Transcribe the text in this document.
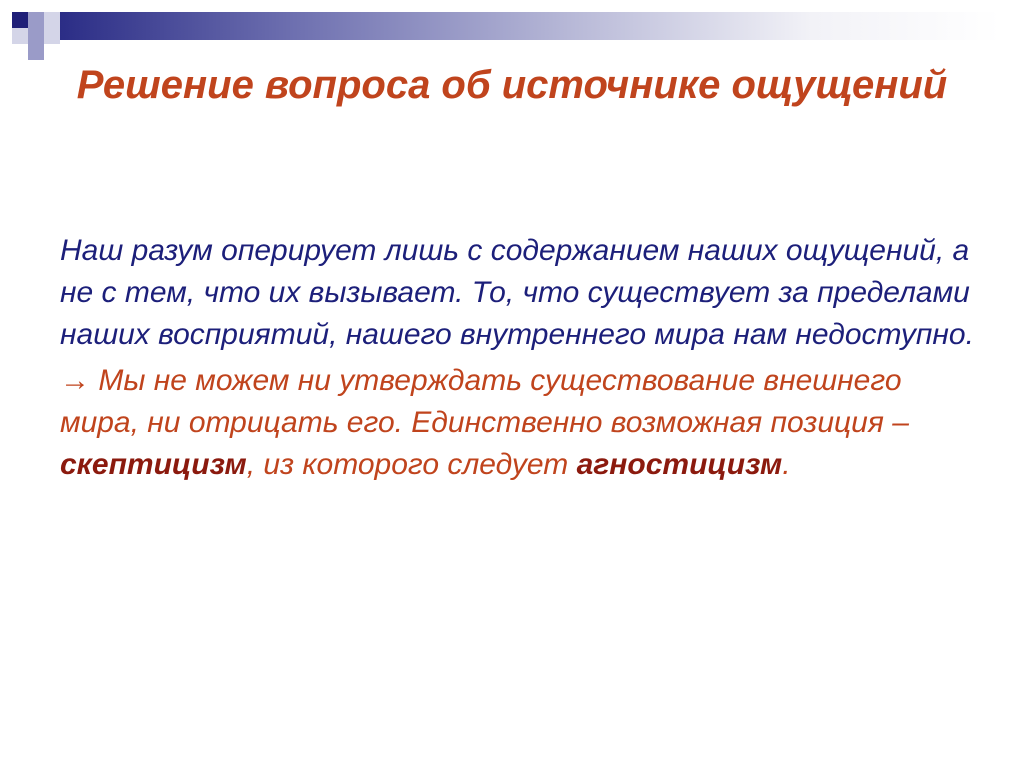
Решение вопроса об источнике ощущений

Наш разум оперирует лишь с содержанием наших ощущений, а не с тем, что их вызывает. То, что существует за пределами наших восприятий, нашего внутреннего мира нам недоступно.

→ Мы не можем ни утверждать существование внешнего мира, ни отрицать его. Единственно возможная позиция – скептицизм, из которого следует агностицизм.
